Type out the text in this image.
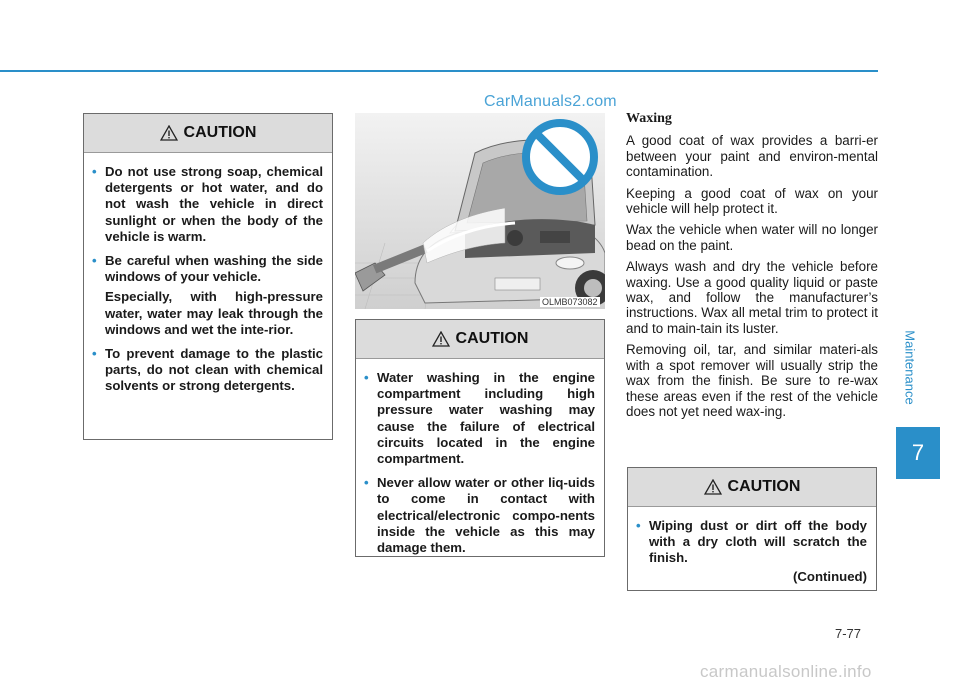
CarManuals2.com
CAUTION
• Do not use strong soap, chemical detergents or hot water, and do not wash the vehicle in direct sunlight or when the body of the vehicle is warm.
• Be careful when washing the side windows of your vehicle.
Especially, with high-pressure water, water may leak through the windows and wet the inte-rior.
• To prevent damage to the plastic parts, do not clean with chemical solvents or strong detergents.
OLMB073082
CAUTION
• Water washing in the engine compartment including high pressure water washing may cause the failure of electrical circuits located in the engine compartment.
• Never allow water or other liq-uids to come in contact with electrical/electronic compo-nents inside the vehicle as this may damage them.
Waxing

A good coat of wax provides a barri-er between your paint and environ-mental contamination.

Keeping a good coat of wax on your vehicle will help protect it.

Wax the vehicle when water will no longer bead on the paint.

Always wash and dry the vehicle before waxing. Use a good quality liquid or paste wax, and follow the manufacturer’s instructions. Wax all metal trim to protect it and to main-tain its luster.

Removing oil, tar, and similar materi-als with a spot remover will usually strip the wax from the finish. Be sure to re-wax these areas even if the rest of the vehicle does not yet need wax-ing.

CAUTION
• Wiping dust or dirt off the body with a dry cloth will scratch the finish.
(Continued)
Maintenance
7
7-77
carmanualsonline.info
